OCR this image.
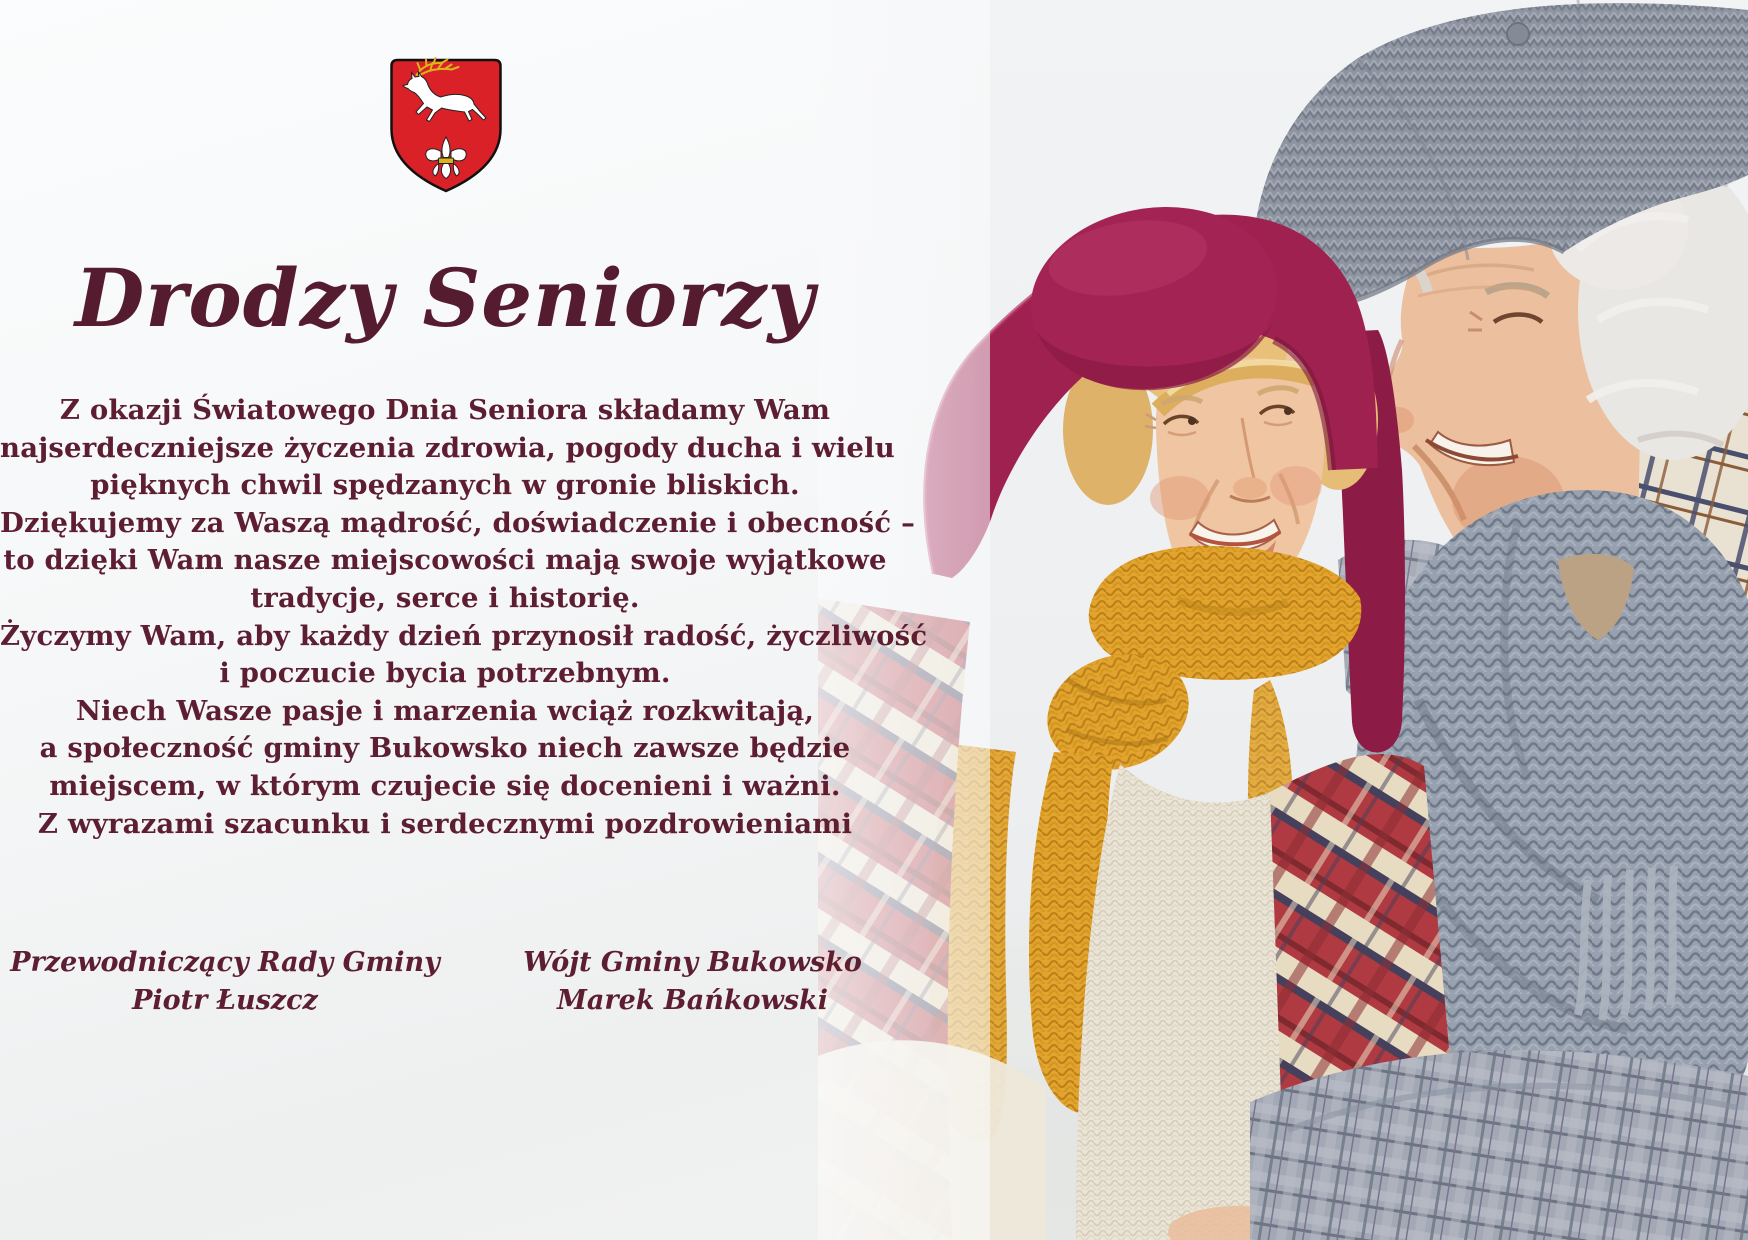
Drodzy Seniorzy
Z okazji Światowego Dnia Seniora składamy Wam
najserdeczniejsze życzenia zdrowia, pogody ducha i wielu
pięknych chwil spędzanych w gronie bliskich.
Dziękujemy za Waszą mądrość, doświadczenie i obecność –
to dzięki Wam nasze miejscowości mają swoje wyjątkowe
tradycje, serce i historię.
Życzymy Wam, aby każdy dzień przynosił radość, życzliwość
i poczucie bycia potrzebnym.
Niech Wasze pasje i marzenia wciąż rozkwitają,
a społeczność gminy Bukowsko niech zawsze będzie
miejscem, w którym czujecie się docenieni i ważni.
Z wyrazami szacunku i serdecznymi pozdrowieniami
Przewodniczący Rady Gminy
Piotr Łuszcz
Wójt Gminy Bukowsko
Marek Bańkowski
